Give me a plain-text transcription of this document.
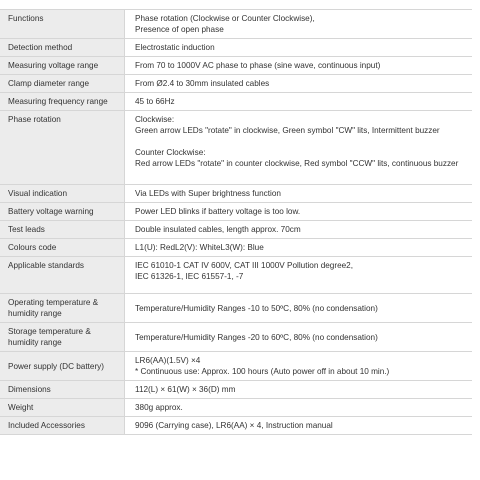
Functions	Phase rotation (Clockwise or Counter Clockwise),
Presence of open phase

Detection method	Electrostatic induction

Measuring voltage range	From 70 to 1000V AC phase to phase (sine wave, continuous input)

Clamp diameter range	From Ø2.4 to 30mm insulated cables

Measuring frequency range	45 to 66Hz

Phase rotation	Clockwise:
Green arrow LEDs "rotate" in clockwise, Green symbol "CW" lits, Intermittent buzzer
Counter Clockwise:
Red arrow LEDs "rotate" in counter clockwise, Red symbol "CCW" lits, continuous buzzer

Visual indication	Via LEDs with Super brightness function

Battery voltage warning	Power LED blinks if battery voltage is too low.

Test leads	Double insulated cables, length approx. 70cm

Colours code	L1(U): RedL2(V): WhiteL3(W): Blue

Applicable standards	IEC 61010-1 CAT IV 600V, CAT III 1000V Pollution degree2,
IEC 61326-1, IEC 61557-1, -7

Operating temperature &
humidity range	Temperature/Humidity Ranges -10 to 50ºC, 80% (no condensation)

Storage temperature &
humidity range	Temperature/Humidity Ranges -20 to 60ºC, 80% (no condensation)

Power supply (DC battery)	LR6(AA)(1.5V) ×4
* Continuous use: Approx. 100 hours (Auto power off in about 10 min.)

Dimensions	112(L) × 61(W) × 36(D) mm

Weight	380g approx.

Included Accessories	9096 (Carrying case), LR6(AA) × 4, Instruction manual
